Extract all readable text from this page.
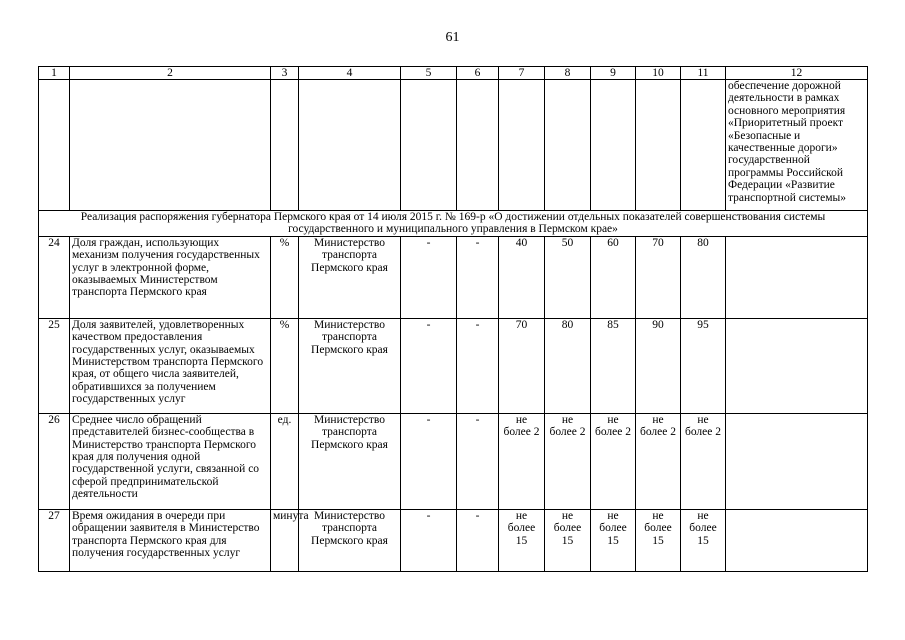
61
1	2	3	4	5	6	7	8	9	10	11	12
											обеспечение дорожной деятельности в рамках основного мероприятия «Приоритетный проект «Безопасные и качественные дороги» государственной программы Российской Федерации «Развитие транспортной системы»
Реализация распоряжения губернатора Пермского края от 14 июля 2015 г. № 169-р «О достижении отдельных показателей совершенствования системы государственного и муниципального управления в Пермском крае»											
24	Доля граждан, использующих механизм получения государственных услуг в электронной форме, оказываемых Министерством транспорта Пермского края	%	Министерство транспорта Пермского края	-	-	40	50	60	70	80	
25	Доля заявителей, удовлетворенных качеством предоставления государственных услуг, оказываемых Министерством транспорта Пермского края, от общего числа заявителей, обратившихся за получением государственных услуг	%	Министерство транспорта Пермского края	-	-	70	80	85	90	95	
26	Среднее число обращений представителей бизнес-сообщества в Министерство транспорта Пермского края для получения одной государственной услуги, связанной со сферой предпринимательской деятельности	ед.	Министерство транспорта Пермского края	-	-	не более 2	не более 2	не более 2	не более 2	не более 2	
27	Время ожидания в очереди при обращении заявителя в Министерство транспорта Пермского края для получения государственных услуг	минута	Министерство транспорта Пермского края	-	-	не более 15	не более 15	не более 15	не более 15	не более 15	
